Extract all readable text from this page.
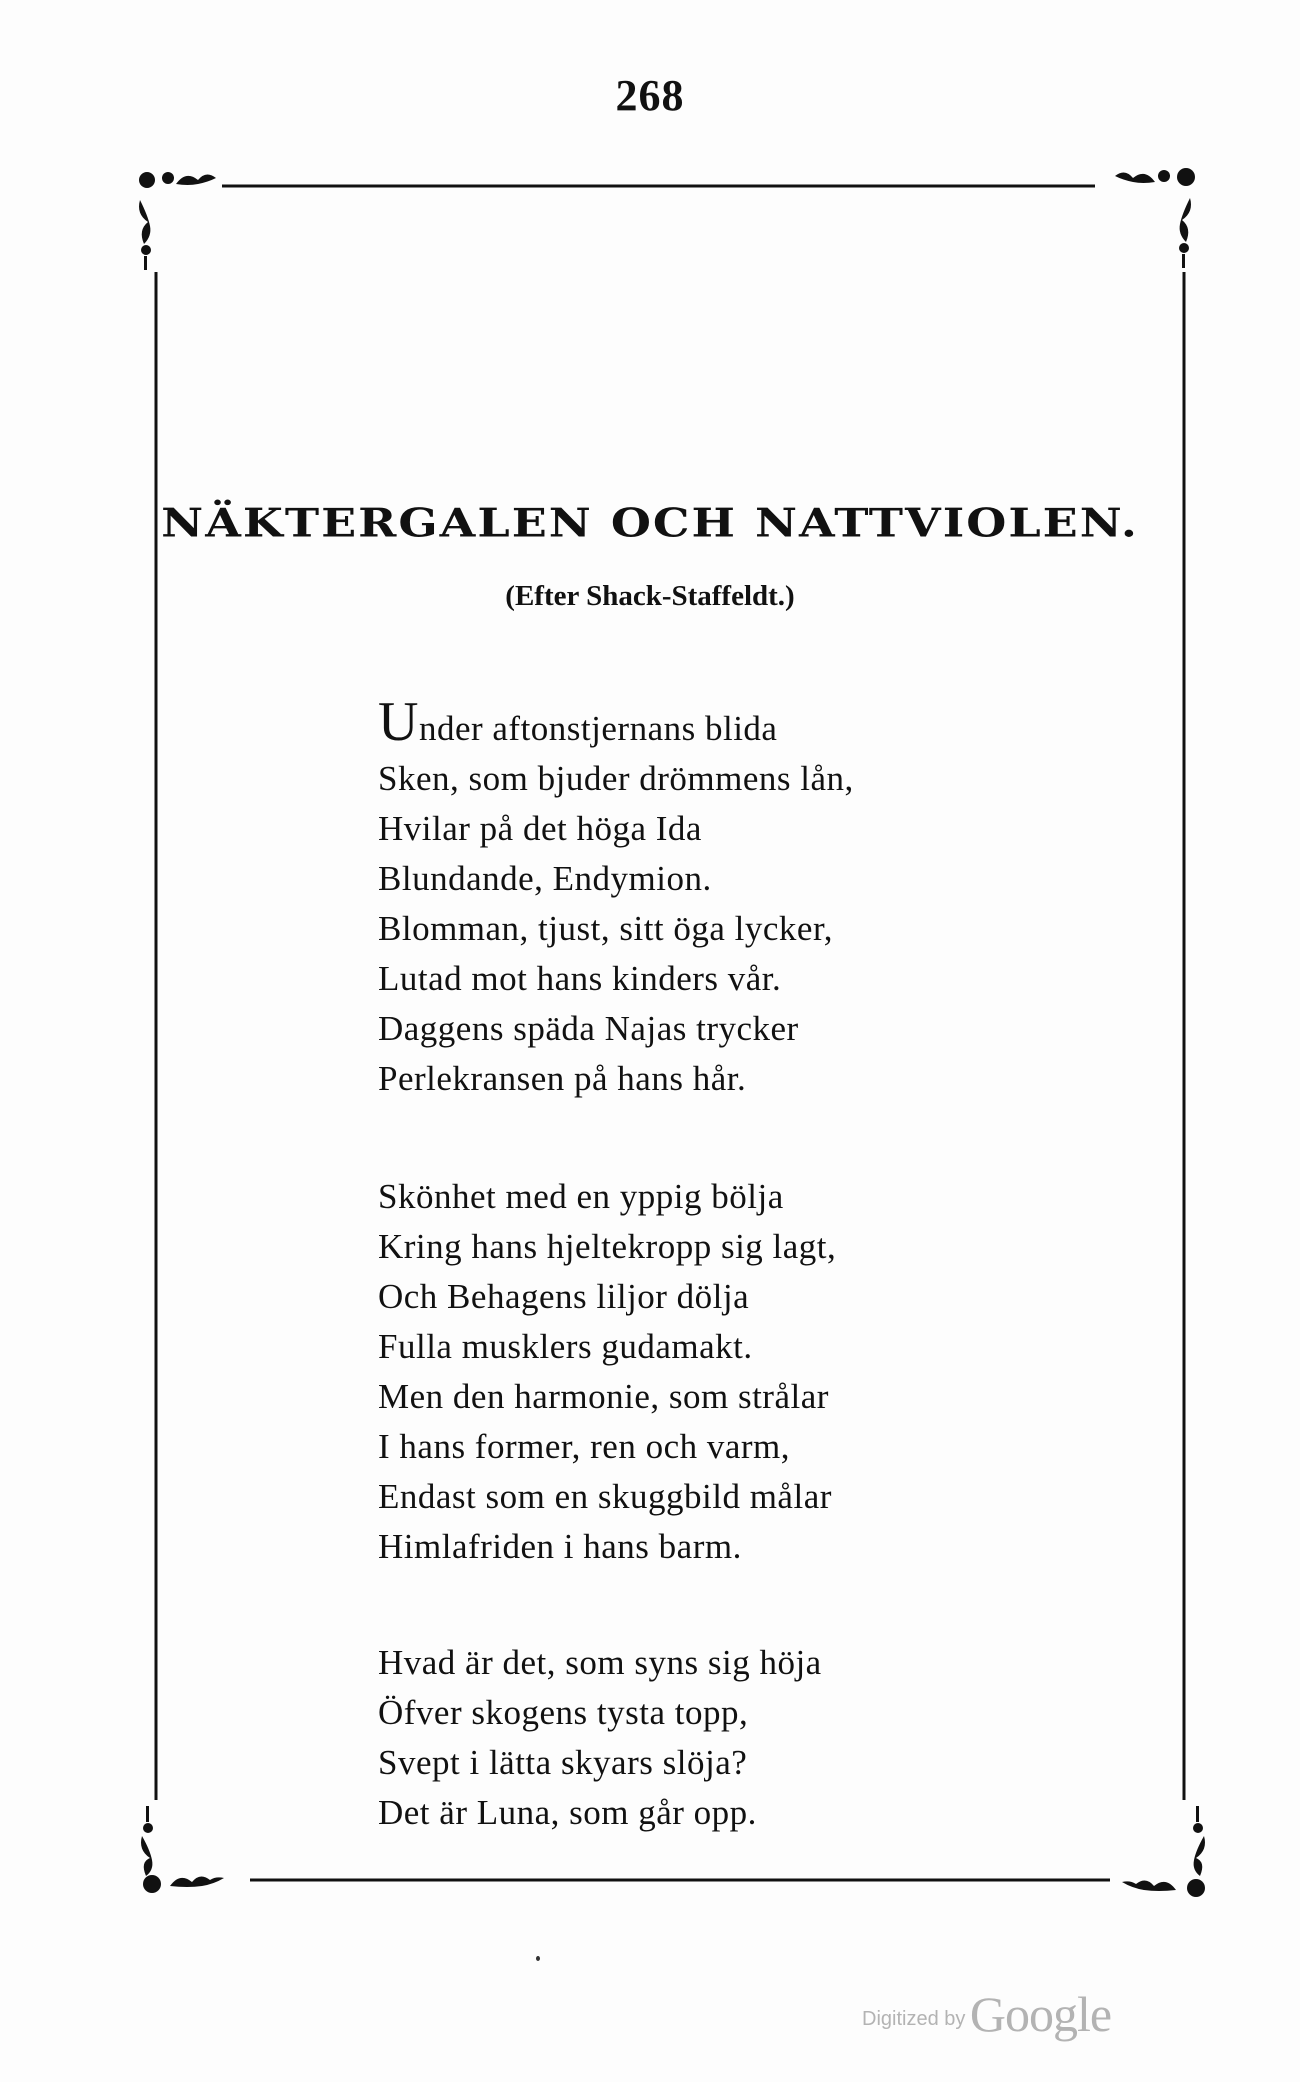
268
NÄKTERGALEN OCH NATTVIOLEN.
(Efter Shack-Staffeldt.)
Under aftonstjernans blida
Sken, som bjuder drömmens lån,
Hvilar på det höga Ida
Blundande, Endymion.
Blomman, tjust, sitt öga lycker,
Lutad mot hans kinders vår.
Daggens späda Najas trycker
Perlekransen på hans hår.
Skönhet med en yppig bölja
Kring hans hjeltekropp sig lagt,
Och Behagens liljor dölja
Fulla musklers gudamakt.
Men den harmonie, som strålar
I hans former, ren och varm,
Endast som en skuggbild målar
Himlafriden i hans barm.
Hvad är det, som syns sig höja
Öfver skogens tysta topp,
Svept i lätta skyars slöja?
Det är Luna, som går opp.
Digitized by Google
